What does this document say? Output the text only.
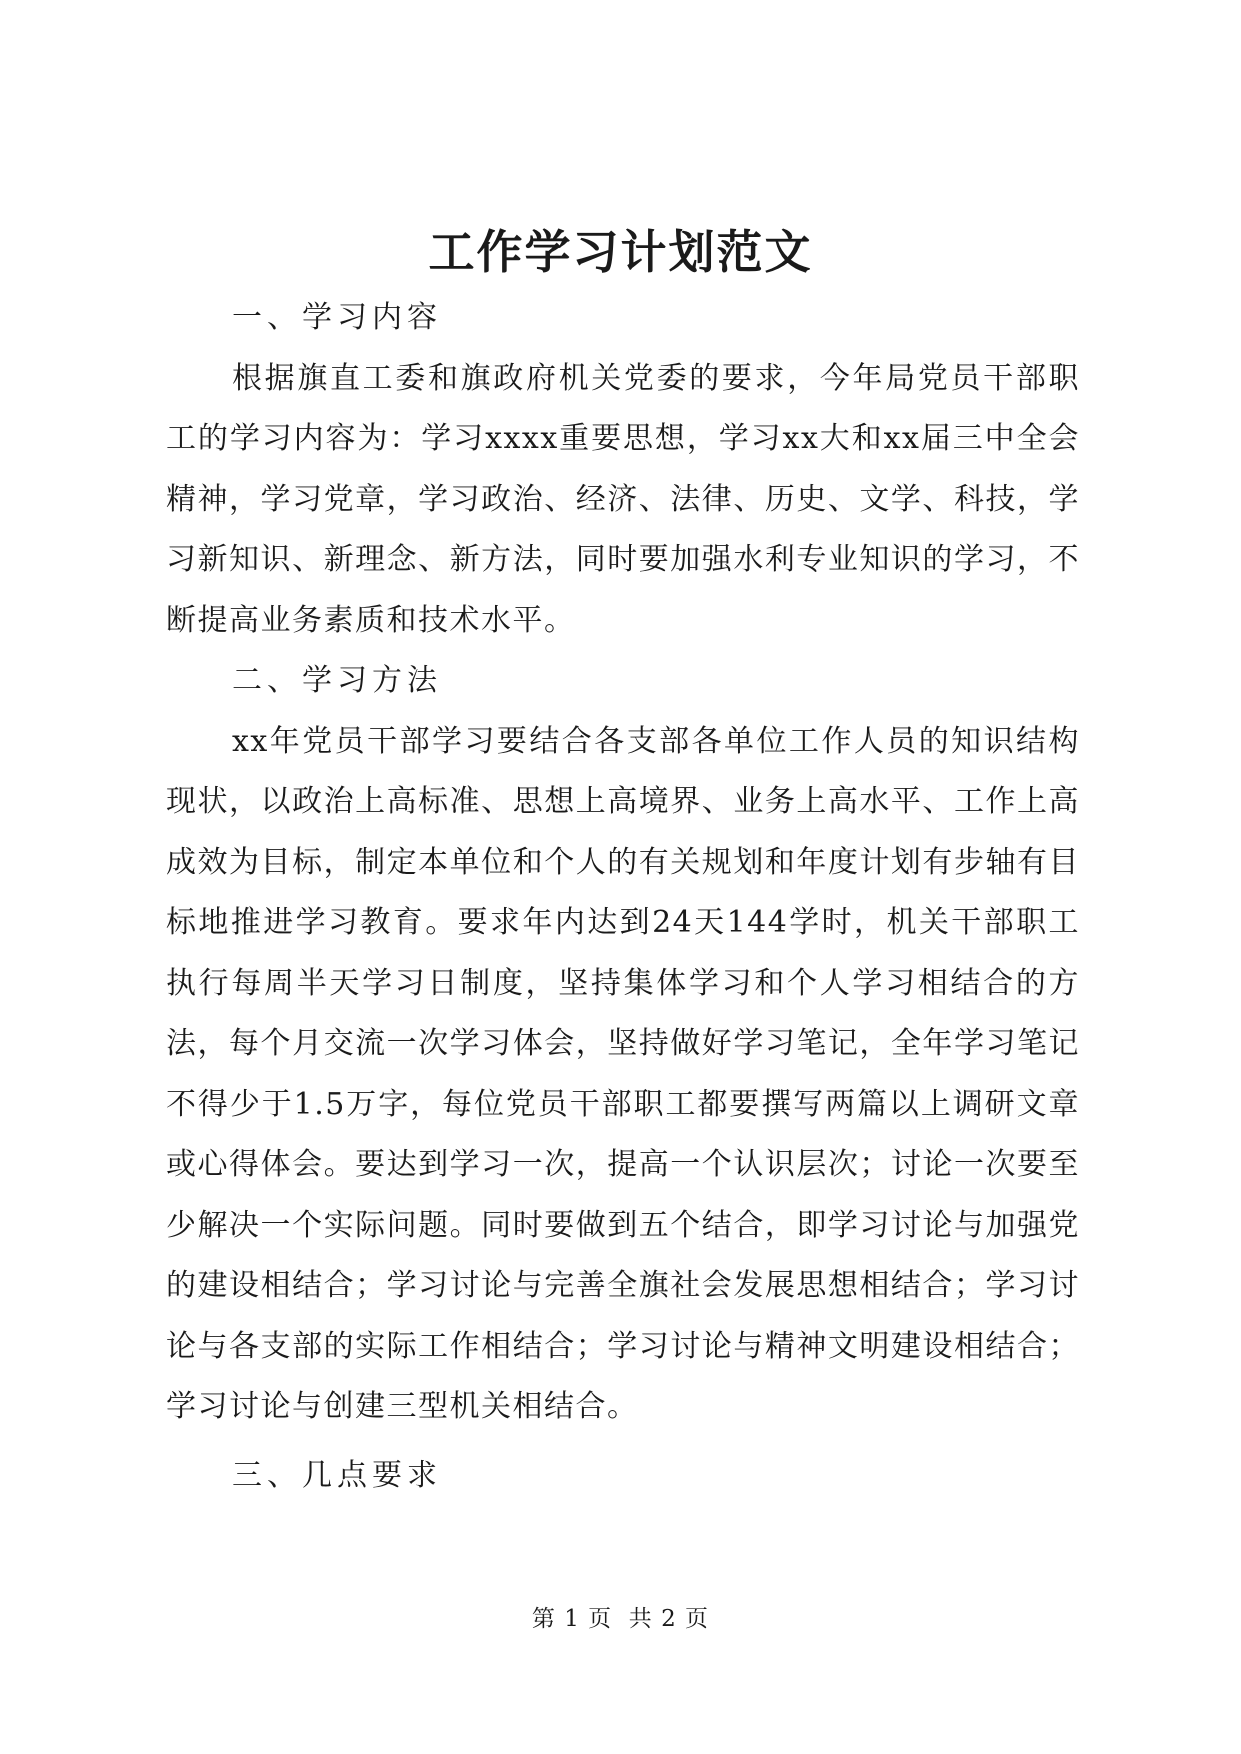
工作学习计划范文

一、学习内容

根据旗直工委和旗政府机关党委的要求，今年局党员干部职工的学习内容为：学习xxxx重要思想，学习xx大和xx届三中全会精神，学习党章，学习政治、经济、法律、历史、文学、科技，学习新知识、新理念、新方法，同时要加强水利专业知识的学习，不断提高业务素质和技术水平。

二、学习方法

xx年党员干部学习要结合各支部各单位工作人员的知识结构现状，以政治上高标准、思想上高境界、业务上高水平、工作上高成效为目标，制定本单位和个人的有关规划和年度计划有步轴有目标地推进学习教育。要求年内达到24天144学时，机关干部职工执行每周半天学习日制度，坚持集体学习和个人学习相结合的方法，每个月交流一次学习体会，坚持做好学习笔记，全年学习笔记不得少于1.5万字，每位党员干部职工都要撰写两篇以上调研文章或心得体会。要达到学习一次，提高一个认识层次；讨论一次要至少解决一个实际问题。同时要做到五个结合，即学习讨论与加强党的建设相结合；学习讨论与完善全旗社会发展思想相结合；学习讨论与各支部的实际工作相结合；学习讨论与精神文明建设相结合；学习讨论与创建三型机关相结合。

三、几点要求

第 1 页  共 2 页
